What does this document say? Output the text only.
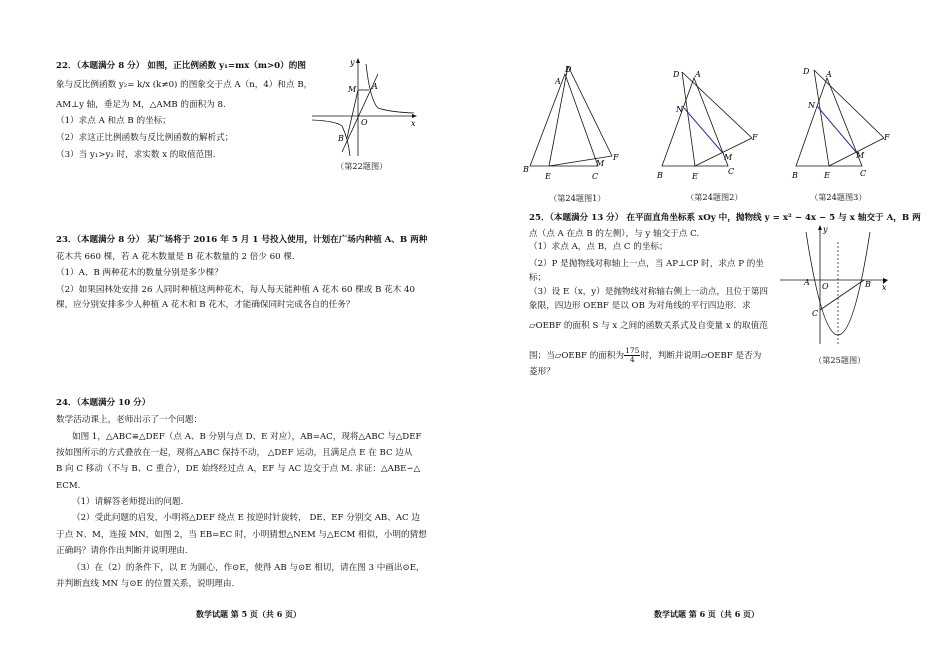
22．（本题满分 8 分） 如图，正比例函数 y₁=mx（m>0）的图
象与反比例函数 y₂= k/x (k≠0) 的图象交于点 A（n，4）和点 B，
AM⊥y 轴，垂足为 M，△AMB 的面积为 8.
（1）求点 A 和点 B 的坐标；
（2）求这正比例函数与反比例函数的解析式；
（3）当 y₁>y₂ 时，求实数 x 的取值范围.
y
x
M A
O
B
（第22题图）
23．（本题满分 8 分） 某广场将于 2016 年 5 月 1 号投入使用，计划在广场内种植 A、B 两种
花木共 660 棵，若 A 花木数量是 B 花木数量的 2 倍少 60 棵.
（1）A、B 两种花木的数量分别是多少棵？
（2）如果园林处安排 26 人同时种植这两种花木，每人每天能种植 A 花木 60 棵或 B 花木 40
棵，应分别安排多少人种植 A 花木和 B 花木，才能确保同时完成各自的任务？
24．（本题满分 10 分）
数学活动课上，老师出示了一个问题：
如图 1，△ABC≌△DEF（点 A、B 分别与点 D、E 对应），AB=AC，现将△ABC 与△DEF
按如图所示的方式叠放在一起，现将△ABC 保持不动， △DEF 运动，且满足点 E 在 BC 边从
B 向 C 移动（不与 B、C 重合），DE 始终经过点 A，EF 与 AC 边交于点 M. 求证：△ABE∽△
ECM.
（1）请解答老师提出的问题.
（2）受此问题的启发，小明将△DEF 绕点 E 按逆时针旋转， DE、EF 分别交 AB、AC 边
于点 N、M，连接 MN，如图 2，当 EB=EC 时，小明猜想△NEM 与△ECM 相似，小明的猜想
正确吗？请你作出判断并说明理由.
（3）在（2）的条件下，以 E 为圆心，作⊙E，使得 AB 与⊙E 相切，请在图 3 中画出⊙E，
并判断直线 MN 与⊙E 的位置关系，说明理由.
数学试题 第 5 页（共 6 页）
D
A
B
E	C
M
F
（第24题图1）
D A
N
F
M
B	E
C
（第24题图2）
D A
N
F
M
B	E	C
（第24题图3）
25．（本题满分 13 分） 在平面直角坐标系 xOy 中，抛物线 y = x² − 4x − 5 与 x 轴交于 A，B 两
点（点 A 在点 B 的左侧），与 y 轴交于点 C.
（1）求点 A，点 B，点 C 的坐标；
（2）P 是抛物线对称轴上一点，当 AP⊥CP 时，求点 P 的坐
标；
（3）设 E（x，y）是抛物线对称轴右侧上一动点，且位于第四
象限，四边形 OEBF 是以 OB 为对角线的平行四边形．求
▱OEBF 的面积 S 与 x 之间的函数关系式及自变量 x 的取值范
围；当▱OEBF 的面积为 $\frac{175}{4}$ 时，判断并说明▱OEBF 是否为
菱形？
y
x
A O	B
C
（第25题图）
数学试题 第 6 页（共 6 页）
